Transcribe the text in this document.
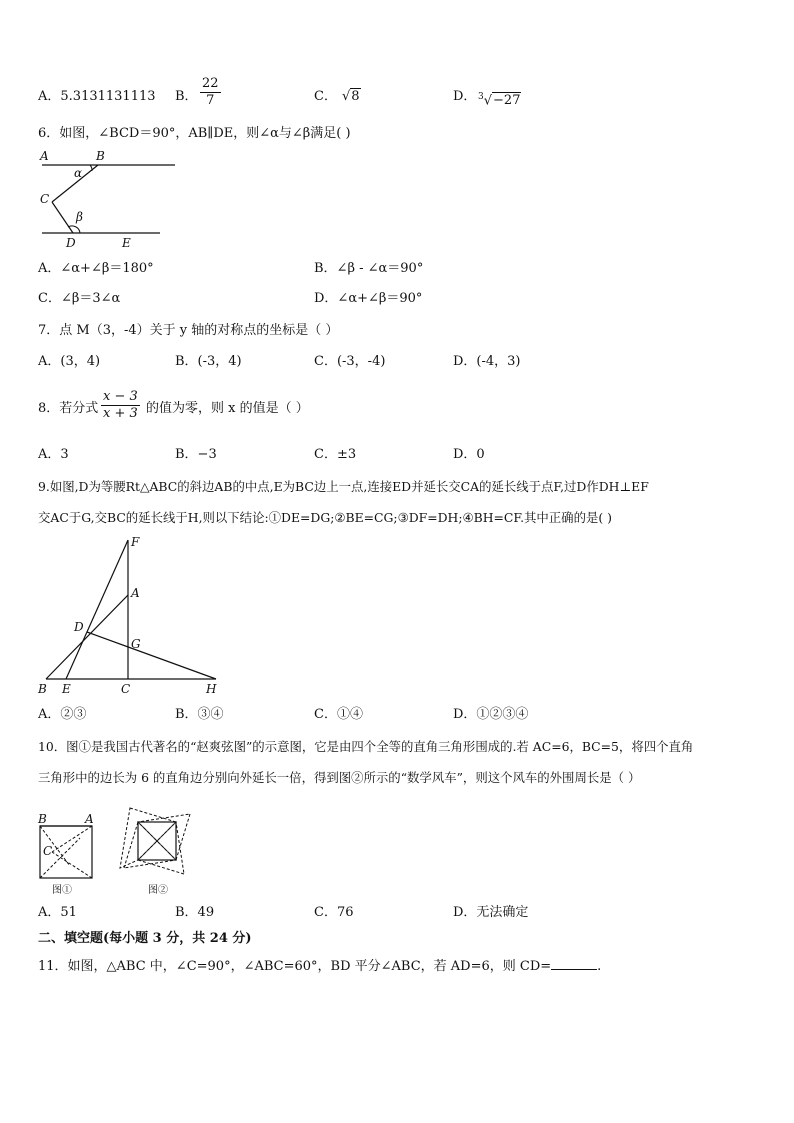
A．5.3131131113 B． $\frac{22}{7}$	C． √8	D． $^3$√−27
6．如图，∠BCD＝90°，AB∥DE，则∠α与∠β满足( )
A	B
α
C
β
D	E
A．∠α+∠β＝180°	B．∠β - ∠α＝90°
C．∠β＝3∠α	D．∠α+∠β＝90°
7．点 M（3，-4）关于 y 轴的对称点的坐标是（ ）
A．(3，4)	B．(-3，4)	C．(-3，-4)	D．(-4，3)
8．若分式 $\frac{x - 3}{x + 3}$ 的值为零，则 x 的值是（ ）
A．3	B．−3	C．±3	D．0
9.如图,D为等腰Rt△ABC的斜边AB的中点,E为BC边上一点,连接ED并延长交CA的延长线于点F,过D作DH⊥EF
交AC于G,交BC的延长线于H,则以下结论:①DE=DG;②BE=CG;③DF=DH;④BH=CF.其中正确的是( )
F
A
D
G
B E	C	H
A．②③	B．③④	C．①④	D．①②③④
10．图①是我国古代著名的“赵爽弦图”的示意图，它是由四个全等的直角三角形围成的.若 AC=6，BC=5，将四个直角
三角形中的边长为 6 的直角边分别向外延长一倍，得到图②所示的“数学风车”，则这个风车的外围周长是（ ）
B	A
C
图①	图②
A．51	B．49	C．76	D．无法确定
二、填空题(每小题 3 分，共 24 分)
11．如图，△ABC 中，∠C=90°，∠ABC=60°，BD 平分∠ABC，若 AD=6，则 CD=	.
